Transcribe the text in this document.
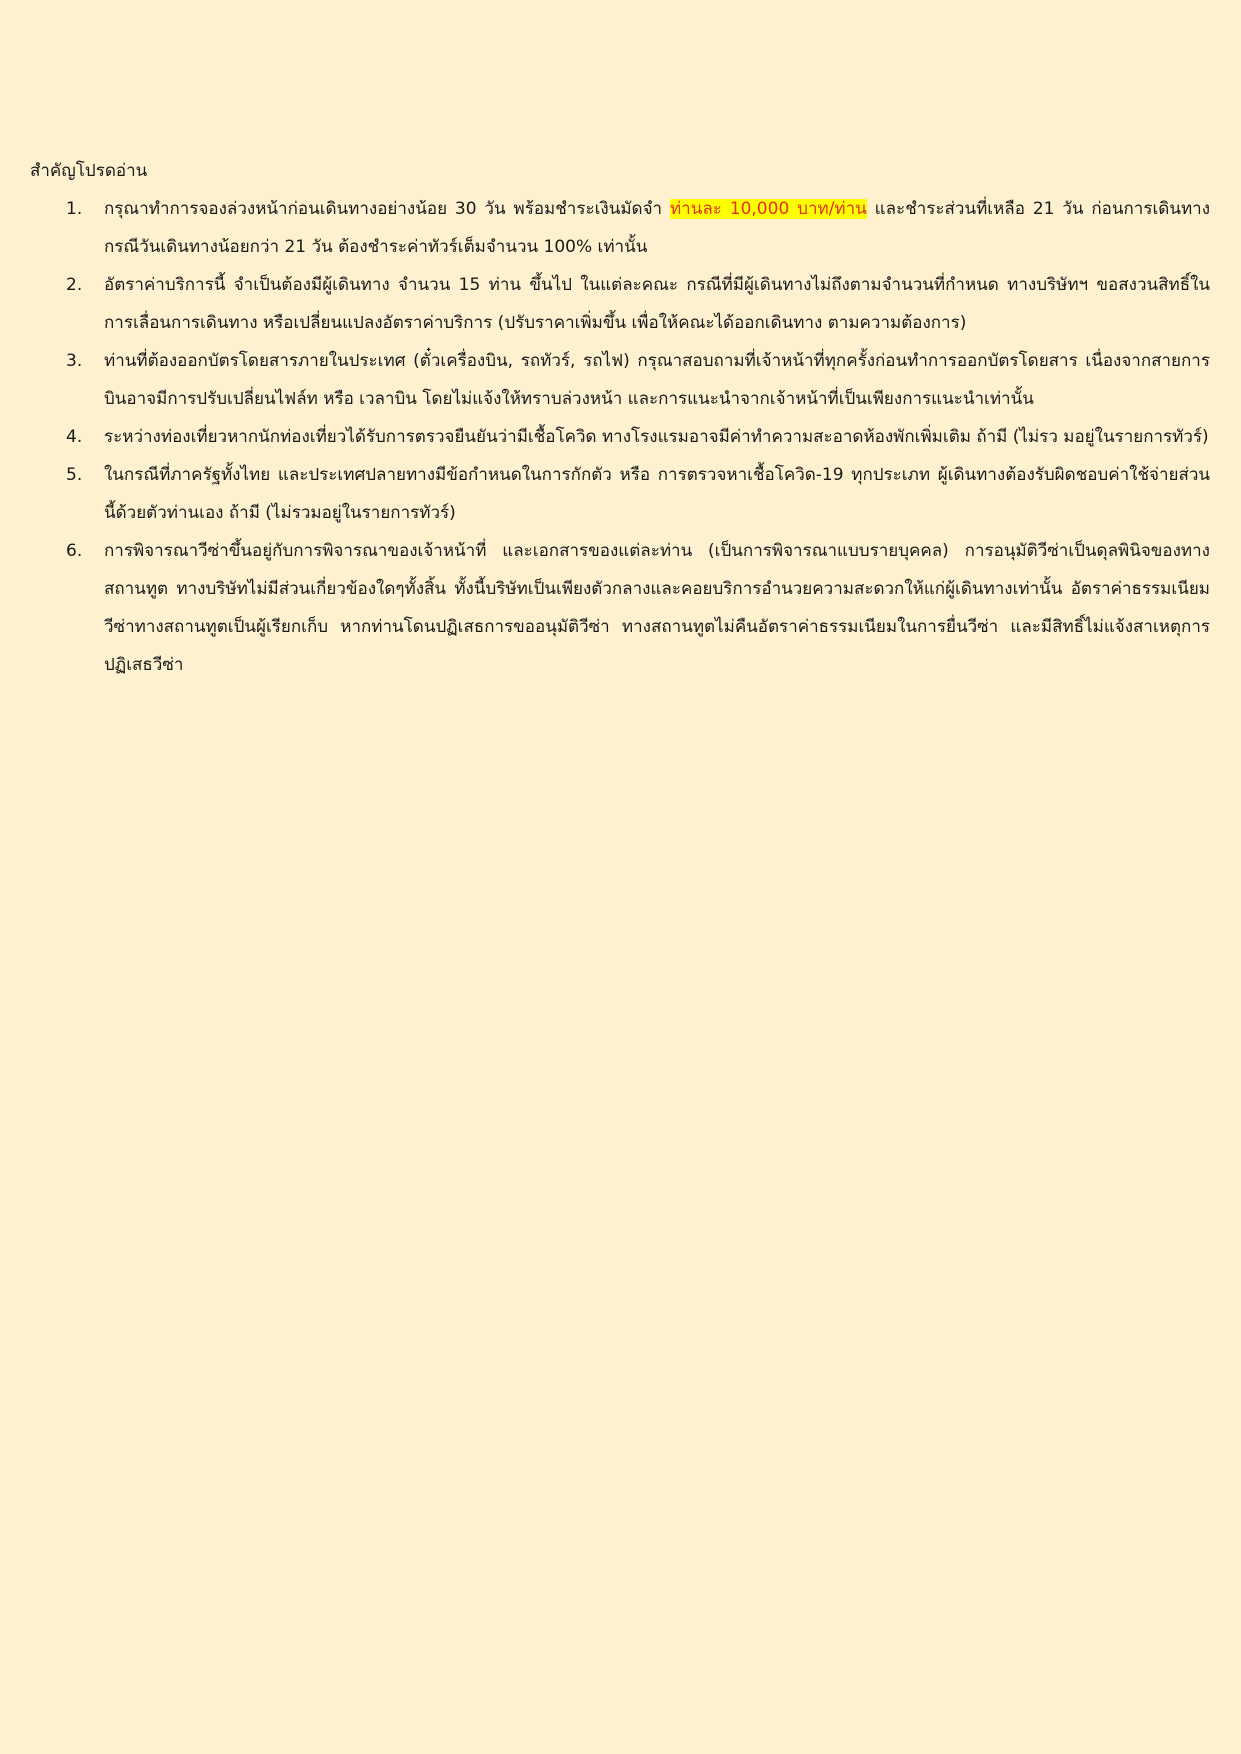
สำคัญโปรดอ่าน
1. กรุณาทำการจองล่วงหน้าก่อนเดินทางอย่างน้อย 30 วัน พร้อมชำระเงินมัดจำ ท่านละ 10,000 บาท/ท่าน และชำระส่วนที่เหลือ 21 วัน ก่อนการเดินทาง กรณีวันเดินทางน้อยกว่า 21 วัน ต้องชำระค่าทัวร์เต็มจำนวน 100% เท่านั้น
2. อัตราค่าบริการนี้ จำเป็นต้องมีผู้เดินทาง จำนวน 15 ท่าน ขึ้นไป ในแต่ละคณะ กรณีที่มีผู้เดินทางไม่ถึงตามจำนวนที่กำหนด ทางบริษัทฯ ขอสงวนสิทธิ์ในการเลื่อนการเดินทาง หรือเปลี่ยนแปลงอัตราค่าบริการ (ปรับราคาเพิ่มขึ้น เพื่อให้คณะได้ออกเดินทาง ตามความต้องการ)
3. ท่านที่ต้องออกบัตรโดยสารภายในประเทศ (ตั๋วเครื่องบิน, รถทัวร์, รถไฟ) กรุณาสอบถามที่เจ้าหน้าที่ทุกครั้งก่อนทำการออกบัตรโดยสาร เนื่องจากสายการบินอาจมีการปรับเปลี่ยนไฟล์ท หรือ เวลาบิน โดยไม่แจ้งให้ทราบล่วงหน้า และการแนะนำจากเจ้าหน้าที่เป็นเพียงการแนะนำเท่านั้น
4. ระหว่างท่องเที่ยวหากนักท่องเที่ยวได้รับการตรวจยืนยันว่ามีเชื้อโควิด ทางโรงแรมอาจมีค่าทำความสะอาดห้องพักเพิ่มเติม ถ้ามี (ไม่รว มอยู่ในรายการทัวร์)
5. ในกรณีที่ภาครัฐทั้งไทย และประเทศปลายทางมีข้อกำหนดในการกักตัว หรือ การตรวจหาเชื้อโควิด-19 ทุกประเภท ผู้เดินทางต้องรับผิดชอบค่าใช้จ่ายส่วนนี้ด้วยตัวท่านเอง ถ้ามี (ไม่รวมอยู่ในรายการทัวร์)
6. การพิจารณาวีซ่าขึ้นอยู่กับการพิจารณาของเจ้าหน้าที่ และเอกสารของแต่ละท่าน (เป็นการพิจารณาแบบรายบุคคล) การอนุมัติวีซ่าเป็นดุลพินิจของทางสถานทูต ทางบริษัทไม่มีส่วนเกี่ยวข้องใดๆทั้งสิ้น ทั้งนี้บริษัทเป็นเพียงตัวกลางและคอยบริการอำนวยความสะดวกให้แก่ผู้เดินทางเท่านั้น อัตราค่าธรรมเนียมวีซ่าทางสถานทูตเป็นผู้เรียกเก็บ หากท่านโดนปฏิเสธการขออนุมัติวีซ่า ทางสถานทูตไม่คืนอัตราค่าธรรมเนียมในการยื่นวีซ่า และมีสิทธิ์ไม่แจ้งสาเหตุการปฏิเสธวีซ่า
